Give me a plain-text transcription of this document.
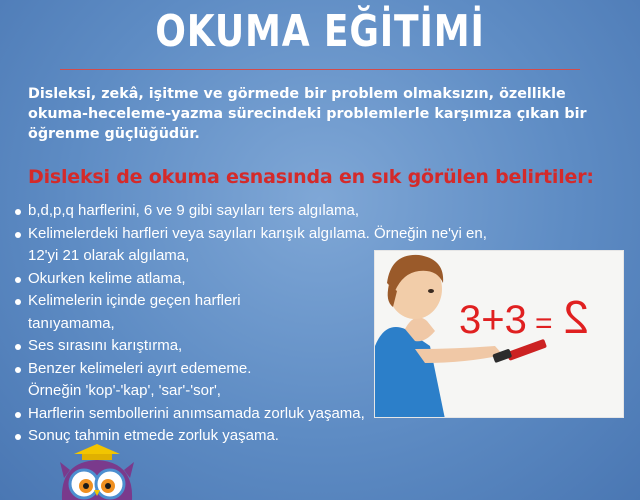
OKUMA EĞİTİMİ

Disleksi, zekâ, işitme ve görmede bir problem olmaksızın, özellikle okuma-heceleme-yazma sürecindeki problemlerle karşımıza çıkan bir öğrenme güçlüğüdür.

Disleksi de okuma esnasında en sık görülen belirtiler:
b,d,p,q harflerini, 6 ve 9 gibi sayıları ters algılama,
Kelimelerdeki harfleri veya sayıları karışık algılama. Örneğin ne'yi en,
12'yi 21 olarak algılama,
Okurken kelime atlama,
Kelimelerin içinde geçen harfleri
tanıyamama,
Ses sırasını karıştırma,
Benzer kelimeleri ayırt edememe.
Örneğin 'kop'-'kap', 'sar'-'sor',
Harflerin sembollerini anımsamada zorluk yaşama,
Sonuç tahmin etmede zorluk yaşama.
3+3 = 2
